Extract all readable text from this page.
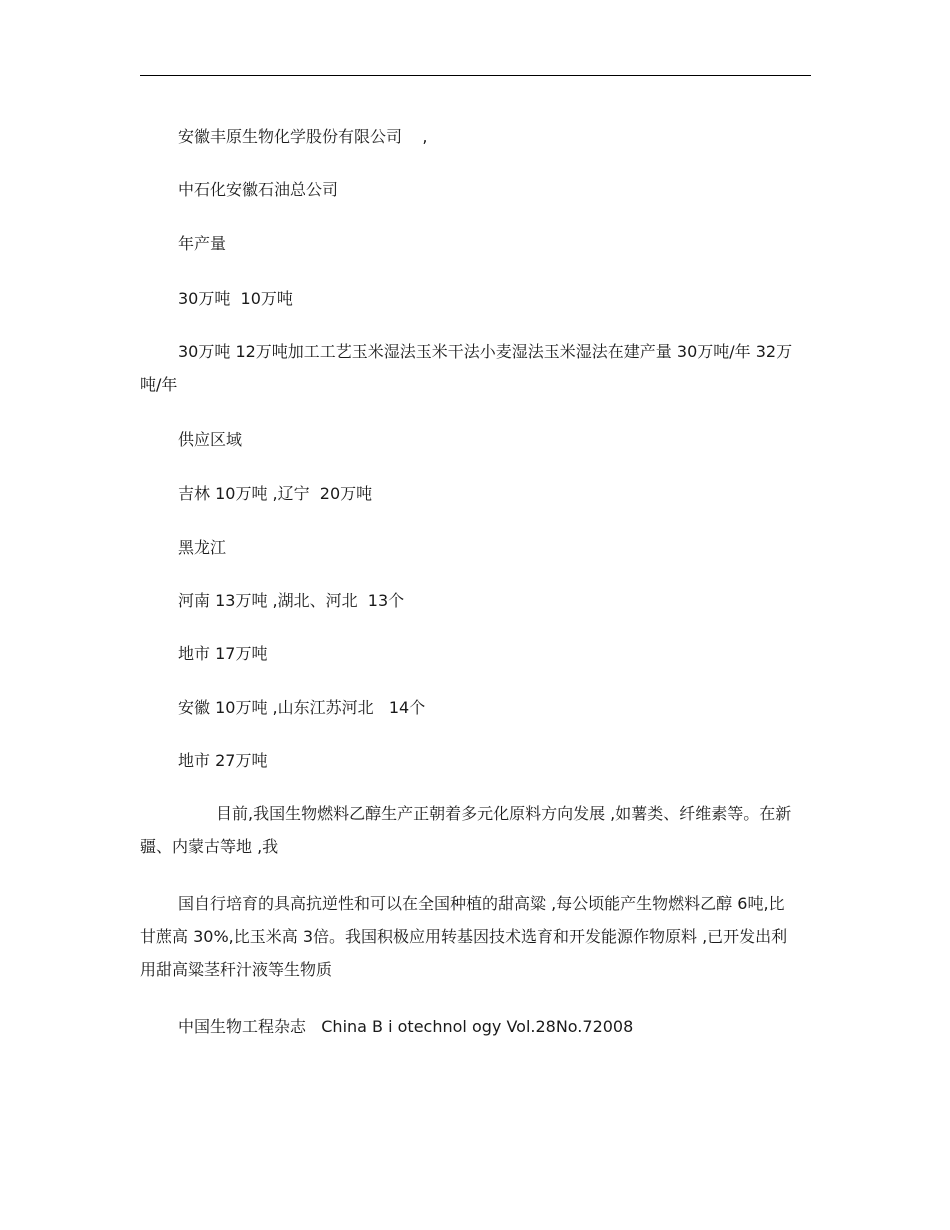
安徽丰原生物化学股份有限公司    ,
中石化安徽石油总公司
年产量
30万吨  10万吨
30万吨 12万吨加工工艺玉米湿法玉米干法小麦湿法玉米湿法在建产量 30万吨/年 32万吨/年
供应区域
吉林 10万吨 ,辽宁  20万吨
黑龙江
河南 13万吨 ,湖北、河北  13个
地市 17万吨
安徽 10万吨 ,山东江苏河北   14个
地市 27万吨
目前,我国生物燃料乙醇生产正朝着多元化原料方向发展 ,如薯类、纤维素等。在新疆、内蒙古等地 ,我
国自行培育的具高抗逆性和可以在全国种植的甜高粱 ,每公顷能产生物燃料乙醇 6吨,比甘蔗高 30%,比玉米高 3倍。我国积极应用转基因技术选育和开发能源作物原料 ,已开发出利用甜高粱茎秆汁液等生物质
中国生物工程杂志   China B i otechnol ogy Vol.28No.72008
